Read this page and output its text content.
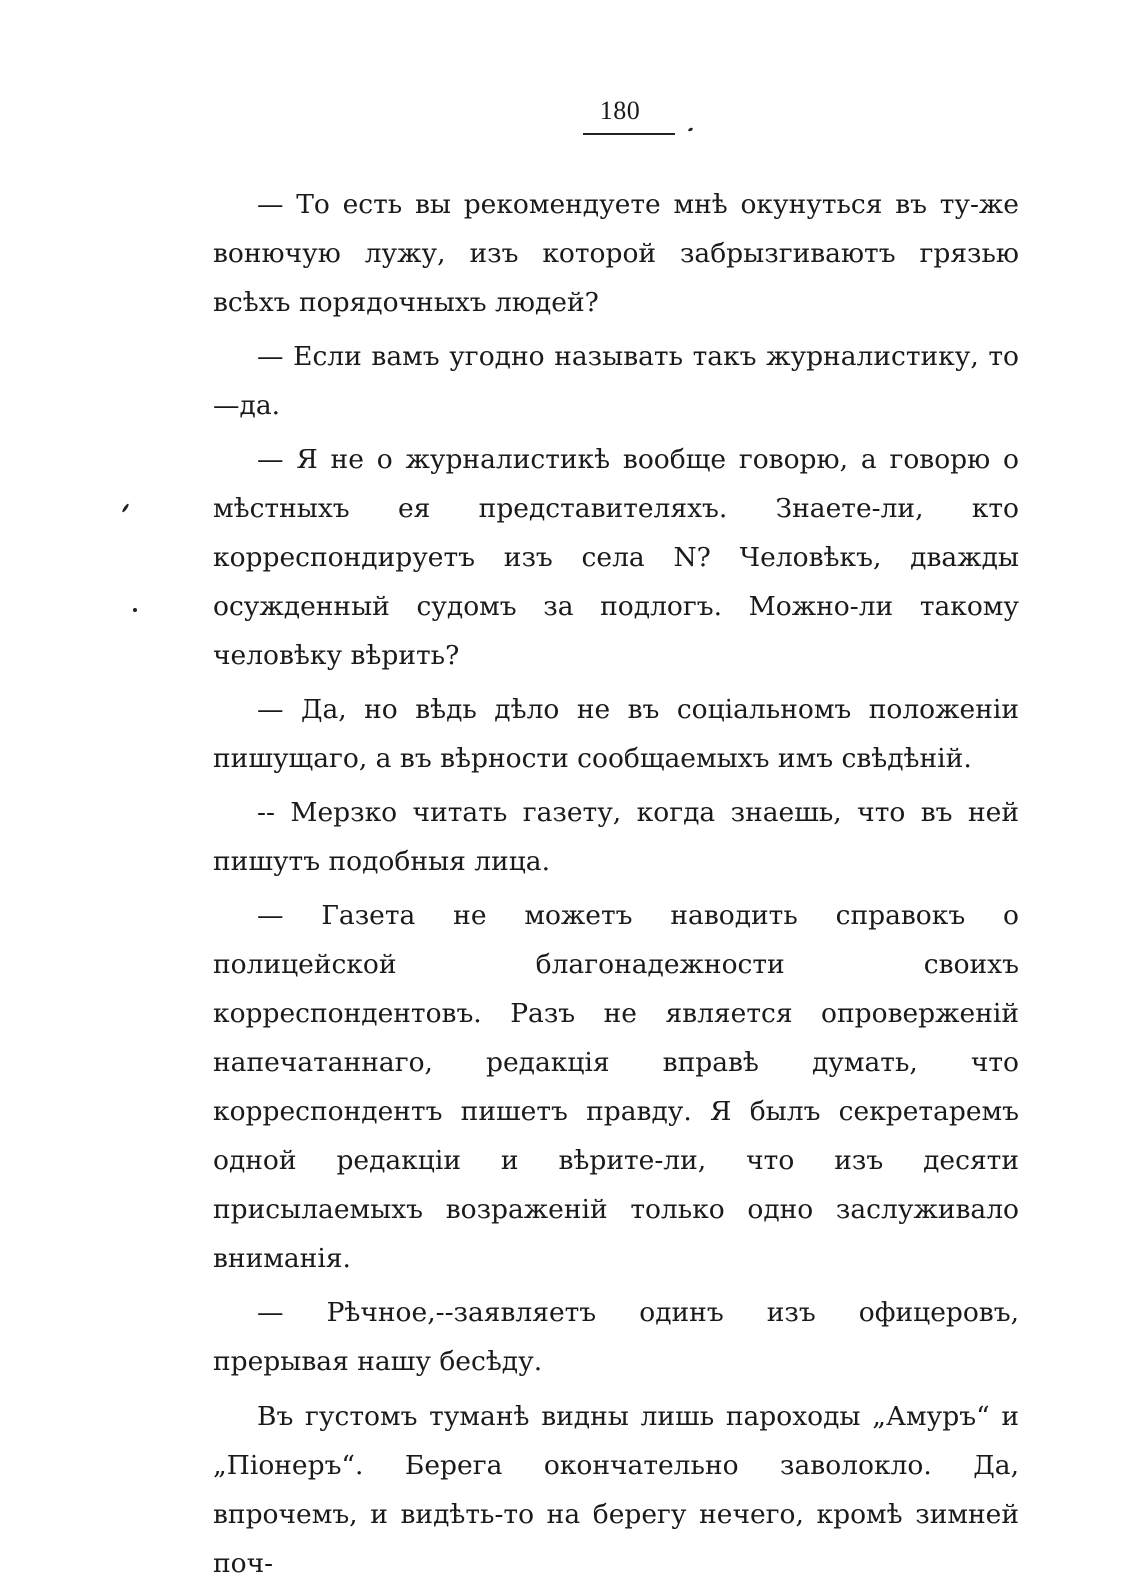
180

— То есть вы рекомендуете мнѣ окунуться въ ту-же вонючую лужу, изъ которой забрызгиваютъ грязью всѣхъ порядочныхъ людей?

— Если вамъ угодно называть такъ журналистику, то—да.

— Я не о журналистикѣ вообще говорю, а говорю о мѣстныхъ ея представителяхъ. Знаете-ли, кто корреспондируетъ изъ села N? Человѣкъ, дважды осужденный судомъ за подлогъ. Можно-ли такому человѣку вѣрить?

— Да, но вѣдь дѣло не въ соціальномъ положеніи пишущаго, а въ вѣрности сообщаемыхъ имъ свѣдѣній.

-- Мерзко читать газету, когда знаешь, что въ ней пишутъ подобныя лица.

— Газета не можетъ наводить справокъ о полицейской благонадежности своихъ корреспондентовъ. Разъ не является опроверженій напечатаннаго, редакція вправѣ думать, что корреспондентъ пишетъ правду. Я былъ секретаремъ одной редакціи и вѣрите-ли, что изъ десяти присылаемыхъ возраженій только одно заслуживало вниманія.

— Рѣчное,--заявляетъ одинъ изъ офицеровъ, прерывая нашу бесѣду.

Въ густомъ туманѣ видны лишь пароходы „Амуръ“ и „Піонеръ“. Берега окончательно заволокло. Да, впрочемъ, и видѣть-то на берегу нечего, кромѣ зимней поч-
